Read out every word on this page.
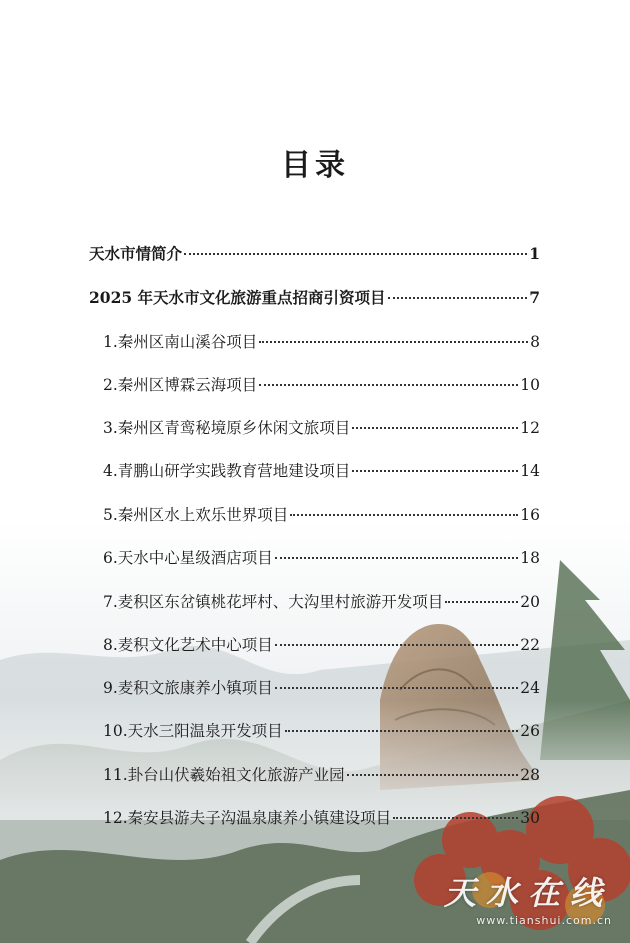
目录
天水市情简介	1
2025 年天水市文化旅游重点招商引资项目	7
1.秦州区南山溪谷项目	8
2.秦州区博霖云海项目	10
3.秦州区青鸾秘境原乡休闲文旅项目	12
4.青鹏山研学实践教育营地建设项目	14
5.秦州区水上欢乐世界项目	16
6.天水中心星级酒店项目	18
7.麦积区东岔镇桃花坪村、大沟里村旅游开发项目	20
8.麦积文化艺术中心项目	22
9.麦积文旅康养小镇项目	24
10.天水三阳温泉开发项目	26
11.卦台山伏羲始祖文化旅游产业园	28
12.秦安县游夫子沟温泉康养小镇建设项目	30
天水在线
www.tianshui.com.cn
